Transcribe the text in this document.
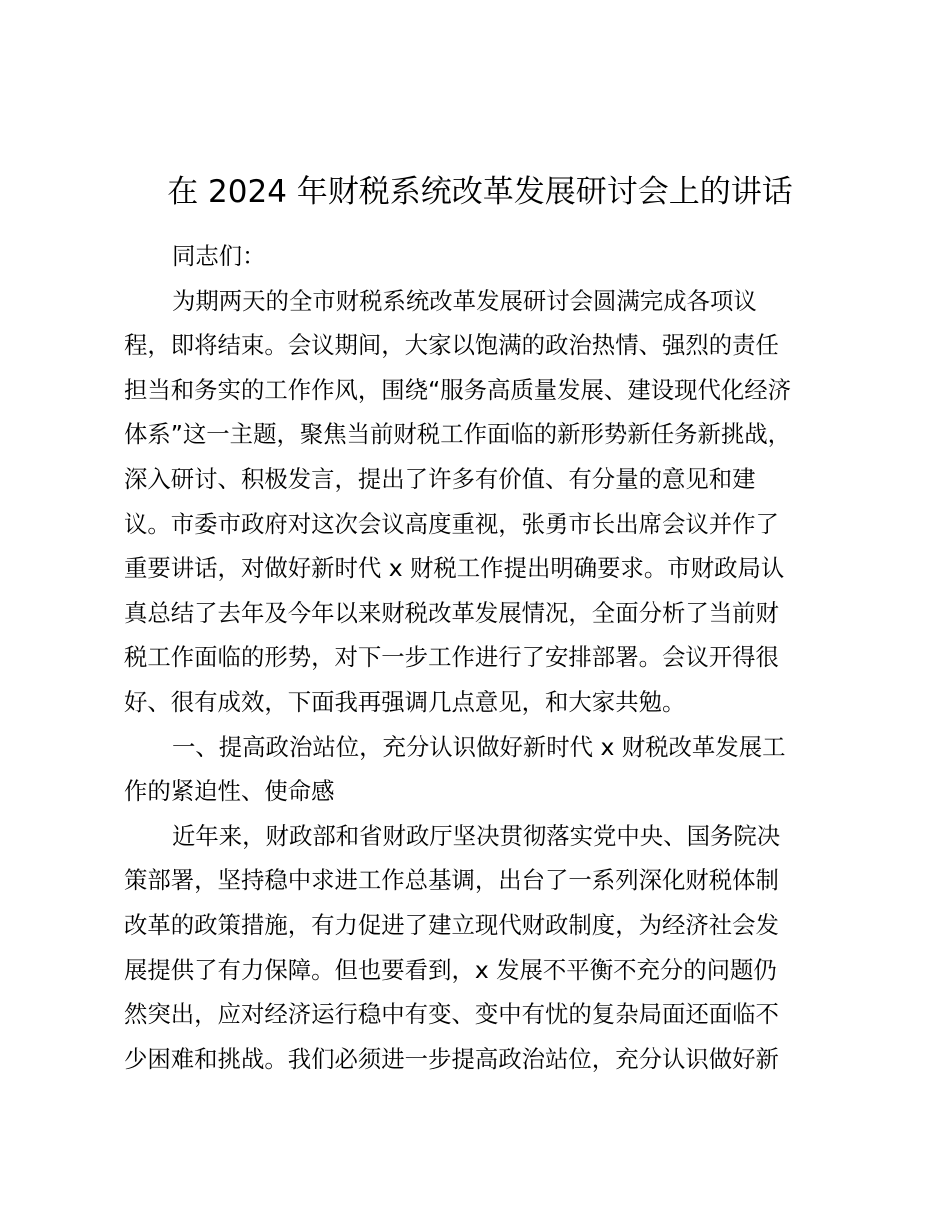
在 2024 年财税系统改革发展研讨会上的讲话
同志们：
为期两天的全市财税系统改革发展研讨会圆满完成各项议
程，即将结束。会议期间，大家以饱满的政治热情、强烈的责任
担当和务实的工作作风，围绕“服务高质量发展、建设现代化经济
体系”这一主题，聚焦当前财税工作面临的新形势新任务新挑战，
深入研讨、积极发言，提出了许多有价值、有分量的意见和建
议。市委市政府对这次会议高度重视，张勇市长出席会议并作了
重要讲话，对做好新时代 x 财税工作提出明确要求。市财政局认
真总结了去年及今年以来财税改革发展情况，全面分析了当前财
税工作面临的形势，对下一步工作进行了安排部署。会议开得很
好、很有成效，下面我再强调几点意见，和大家共勉。
一、提高政治站位，充分认识做好新时代 x 财税改革发展工
作的紧迫性、使命感
近年来，财政部和省财政厅坚决贯彻落实党中央、国务院决
策部署，坚持稳中求进工作总基调，出台了一系列深化财税体制
改革的政策措施，有力促进了建立现代财政制度，为经济社会发
展提供了有力保障。但也要看到，x 发展不平衡不充分的问题仍
然突出，应对经济运行稳中有变、变中有忧的复杂局面还面临不
少困难和挑战。我们必须进一步提高政治站位，充分认识做好新
